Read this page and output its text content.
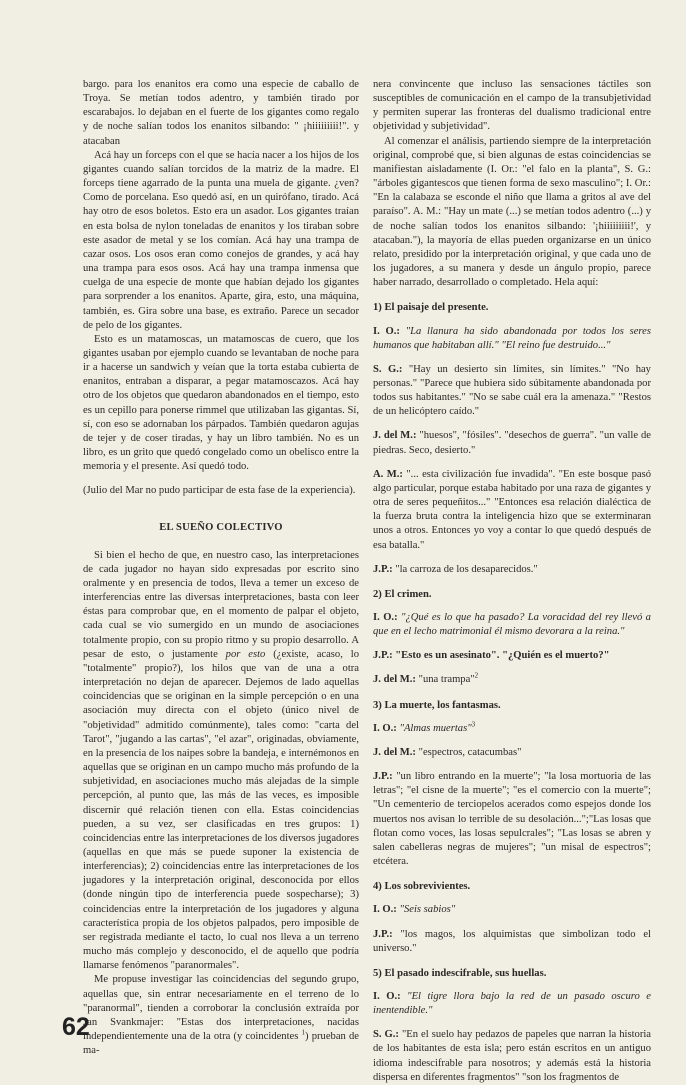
bargo. para los enanitos era como una especie de caballo de Troya. Se metían todos adentro, y también tirado por escarabajos. lo dejaban en el fuerte de los gigantes como regalo y de noche salían todos los enanitos silbando: " ¡hiiiiiiiii!". y atacaban

Acá hay un forceps con el que se hacía nacer a los hijos de los gigantes cuando salían torcidos de la matriz de la madre. El forceps tiene agarrado de la punta una muela de gigante. ¿ven? Como de porcelana. Eso quedó así, en un quirófano, tirado. Acá hay otro de esos boletos. Esto era un asador. Los gigantes traían en esta bolsa de nylon toneladas de enanitos y los tiraban sobre este asador de metal y se los comían. Acá hay una trampa de cazar osos. Los osos eran como conejos de grandes, y acá hay una trampa para esos osos. Acá hay una trampa inmensa que cuelga de una especie de monte que habían dejado los gigantes para sorprender a los enanitos. Aparte, gira, esto, una máquina, también, es. Gira sobre una base, es extraño. Parece un secador de pelo de los gigantes.

Esto es un matamoscas, un matamoscas de cuero, que los gigantes usaban por ejemplo cuando se levantaban de noche para ir a hacerse un sandwich y veían que la torta estaba cubierta de enanitos, entraban a disparar, a pegar matamoscazos. Acá hay otro de los objetos que quedaron abandonados en el tiempo, esto es un cepillo para ponerse rimmel que utilizaban las gigantas. Sí, sí, con eso se adornaban los párpados. También quedaron agujas de tejer y de coser tiradas, y hay un libro también. No es un libro, es un grito que quedó congelado como un obelisco entre la memoria y el presente. Así quedó todo.

(Julio del Mar no pudo participar de esta fase de la experiencia).

EL SUEÑO COLECTIVO

Si bien el hecho de que, en nuestro caso, las interpretaciones de cada jugador no hayan sido expresadas por escrito sino oralmente y en presencia de todos, lleva a temer un exceso de interferencias entre las diversas interpretaciones, basta con leer éstas para comprobar que, en el momento de palpar el objeto, cada cual se vio sumergido en un mundo de asociaciones totalmente propio, con su propio ritmo y su propio desarrollo. A pesar de esto, o justamente por esto (¿existe, acaso, lo "totalmente" propio?), los hilos que van de una a otra interpretación no dejan de aparecer. Dejemos de lado aquellas coincidencias que se originan en la simple percepción o en una asociación muy directa con el objeto (único nivel de "objetividad" admitido comúnmente), tales como: "carta del Tarot", "jugando a las cartas", "el azar", originadas, obviamente, en la presencia de los naipes sobre la bandeja, e internémonos en aquellas que se originan en un campo mucho más profundo de la subjetividad, en asociaciones mucho más alejadas de la simple percepción, al punto que, las más de las veces, es imposible discernir qué relación tienen con ella. Estas coincidencias pueden, a su vez, ser clasificadas en tres grupos: 1) coincidencias entre las interpretaciones de los diversos jugadores (aquellas en que más se puede suponer la existencia de interferencias); 2) coincidencias entre las interpretaciones de los jugadores y la interpretación original, desconocida por ellos (donde ningún tipo de interferencia puede sospecharse); 3) coincidencias entre la interpretación de los jugadores y alguna característica propia de los objetos palpados, pero imposible de ser registrada mediante el tacto, lo cual nos lleva a un terreno mucho más complejo y desconocido, el de aquello que podría llamarse fenómenos "paranormales".

Me propuse investigar las coincidencias del segundo grupo, aquellas que, sin entrar necesariamente en el terreno de lo "paranormal", tienden a corroborar la conclusión extraída por Jan Svankmajer: "Estas dos interpretaciones, nacidas independientemente una de la otra (y coincidentes $^1$) prueban de ma-

nera convincente que incluso las sensaciones táctiles son susceptibles de comunicación en el campo de la transubjetividad y permiten superar las fronteras del dualismo tradicional entre objetividad y subjetividad".

Al comenzar el análisis, partiendo siempre de la interpretación original, comprobé que, si bien algunas de estas coincidencias se manifiestan aisladamente (I. Or.: "el falo en la planta", S. G.: "árboles gigantescos que tienen forma de sexo masculino"; I. Or.: "En la calabaza se esconde el niño que llama a gritos al ave del paraíso". A. M.: "Hay un mate (...) se metían todos adentro (...) y de noche salían todos los enanitos silbando: '¡hiiiiiiiii!', y atacaban."), la mayoría de ellas pueden organizarse en un único relato, presidido por la interpretación original, y que cada uno de los jugadores, a su manera y desde un ángulo propio, parece haber narrado, desarrollado o completado. Hela aquí:

1) El paisaje del presente.

I. O.: "La llanura ha sido abandonada por todos los seres humanos que habitaban allí." "El reino fue destruido..."

S. G.: "Hay un desierto sin límites, sin límites." "No hay personas." "Parece que hubiera sido súbitamente abandonada por todos sus habitantes." "No se sabe cuál era la amenaza." "Restos de un helicóptero caído."

J. del M.: "huesos", "fósiles". "desechos de guerra". "un valle de piedras. Seco, desierto."

A. M.: "... esta civilización fue invadida". "En este bosque pasó algo particular, porque estaba habitado por una raza de gigantes y otra de seres pequeñitos..." "Entonces esa relación dialéctica de la fuerza bruta contra la inteligencia hizo que se exterminaran unos a otros. Entonces yo voy a contar lo que quedó después de esa batalla."

J.P.: "la carroza de los desaparecidos."

2) El crimen.

I. O.: "¿Qué es lo que ha pasado? La voracidad del rey llevó a que en el lecho matrimonial él mismo devorara a la reina."

J.P.: "Esto es un asesinato". "¿Quién es el muerto?"

J. del M.: "una trampa"$^2$

3) La muerte, los fantasmas.

I. O.: "Almas muertas"$^3$

J. del M.: "espectros, catacumbas"

J.P.: "un libro entrando en la muerte"; "la losa mortuoria de las letras"; "el cisne de la muerte"; "es el comercio con la muerte"; "Un cementerio de terciopelos acerados como espejos donde los muertos nos avisan lo terrible de su desolación...";"Las losas que flotan como voces, las losas sepulcrales"; "Las losas se abren y salen cabelleras negras de mujeres"; "un misal de espectros"; etcétera.

4) Los sobrevivientes.

I. O.: "Seis sabios"

J.P.: "los magos, los alquimistas que simbolizan todo el universo."

5) El pasado indescifrable, sus huellas.

I. O.: "El tigre llora bajo la red de un pasado oscuro e inentendible."

S. G.: "En el suelo hay pedazos de papeles que narran la historia de los habitantes de esta isla; pero están escritos en un antiguo idioma indescifrable para nosotros; y además está la historia dispersa en diferentes fragmentos" "son los fragmentos de

62
